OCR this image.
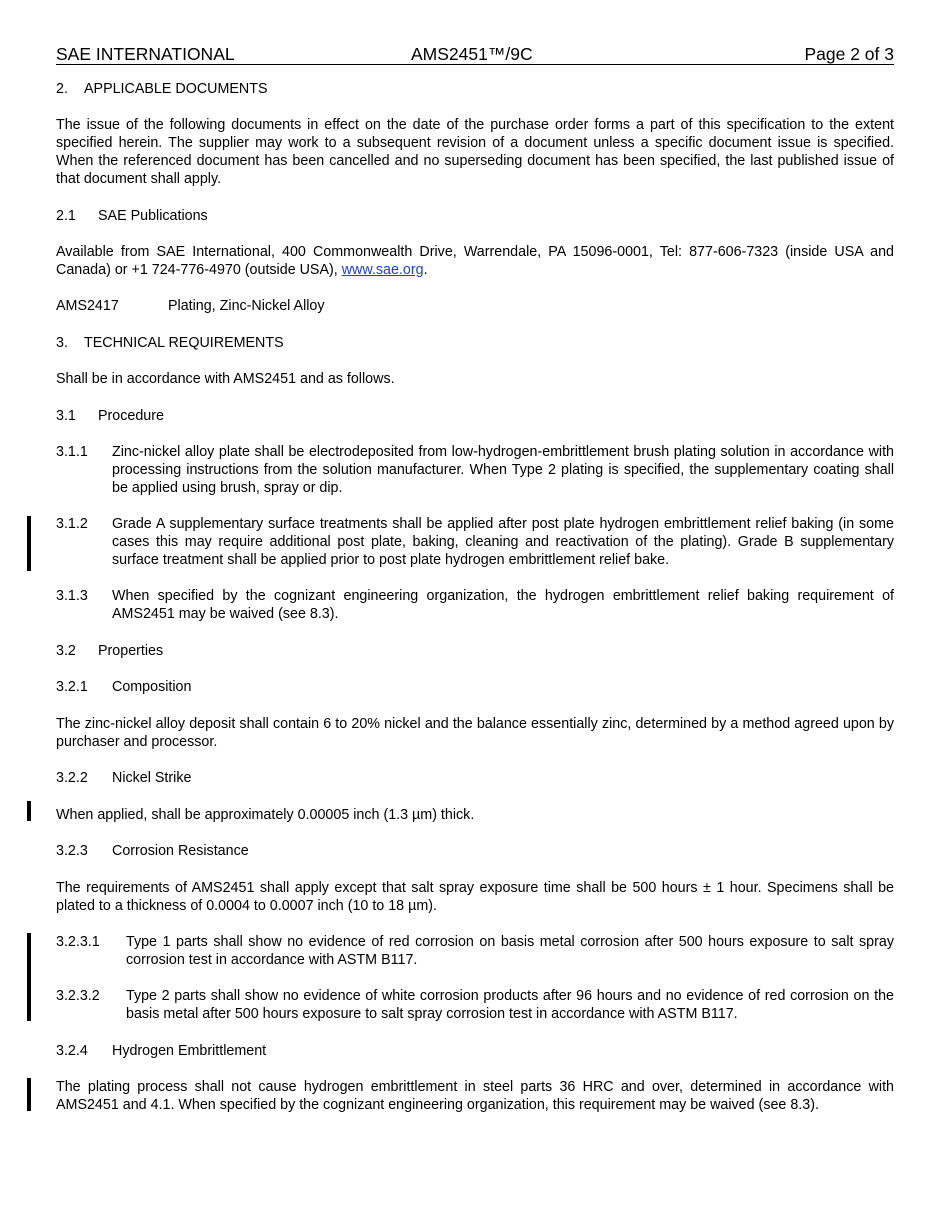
SAE INTERNATIONAL	AMS2451™/9C	Page 2 of 3
2. APPLICABLE DOCUMENTS
The issue of the following documents in effect on the date of the purchase order forms a part of this specification to the extent specified herein. The supplier may work to a subsequent revision of a document unless a specific document issue is specified. When the referenced document has been cancelled and no superseding document has been specified, the last published issue of that document shall apply.
2.1 SAE Publications
Available from SAE International, 400 Commonwealth Drive, Warrendale, PA 15096-0001, Tel: 877-606-7323 (inside USA and Canada) or +1 724-776-4970 (outside USA), www.sae.org.
AMS2417	Plating, Zinc-Nickel Alloy
3. TECHNICAL REQUIREMENTS
Shall be in accordance with AMS2451 and as follows.
3.1 Procedure
3.1.1 Zinc-nickel alloy plate shall be electrodeposited from low-hydrogen-embrittlement brush plating solution in accordance with processing instructions from the solution manufacturer. When Type 2 plating is specified, the supplementary coating shall be applied using brush, spray or dip.
3.1.2 Grade A supplementary surface treatments shall be applied after post plate hydrogen embrittlement relief baking (in some cases this may require additional post plate, baking, cleaning and reactivation of the plating). Grade B supplementary surface treatment shall be applied prior to post plate hydrogen embrittlement relief bake.
3.1.3 When specified by the cognizant engineering organization, the hydrogen embrittlement relief baking requirement of AMS2451 may be waived (see 8.3).
3.2 Properties
3.2.1 Composition
The zinc-nickel alloy deposit shall contain 6 to 20% nickel and the balance essentially zinc, determined by a method agreed upon by purchaser and processor.
3.2.2 Nickel Strike
When applied, shall be approximately 0.00005 inch (1.3 µm) thick.
3.2.3 Corrosion Resistance
The requirements of AMS2451 shall apply except that salt spray exposure time shall be 500 hours ± 1 hour. Specimens shall be plated to a thickness of 0.0004 to 0.0007 inch (10 to 18 µm).
3.2.3.1 Type 1 parts shall show no evidence of red corrosion on basis metal corrosion after 500 hours exposure to salt spray corrosion test in accordance with ASTM B117.
3.2.3.2 Type 2 parts shall show no evidence of white corrosion products after 96 hours and no evidence of red corrosion on the basis metal after 500 hours exposure to salt spray corrosion test in accordance with ASTM B117.
3.2.4 Hydrogen Embrittlement
The plating process shall not cause hydrogen embrittlement in steel parts 36 HRC and over, determined in accordance with AMS2451 and 4.1. When specified by the cognizant engineering organization, this requirement may be waived (see 8.3).
